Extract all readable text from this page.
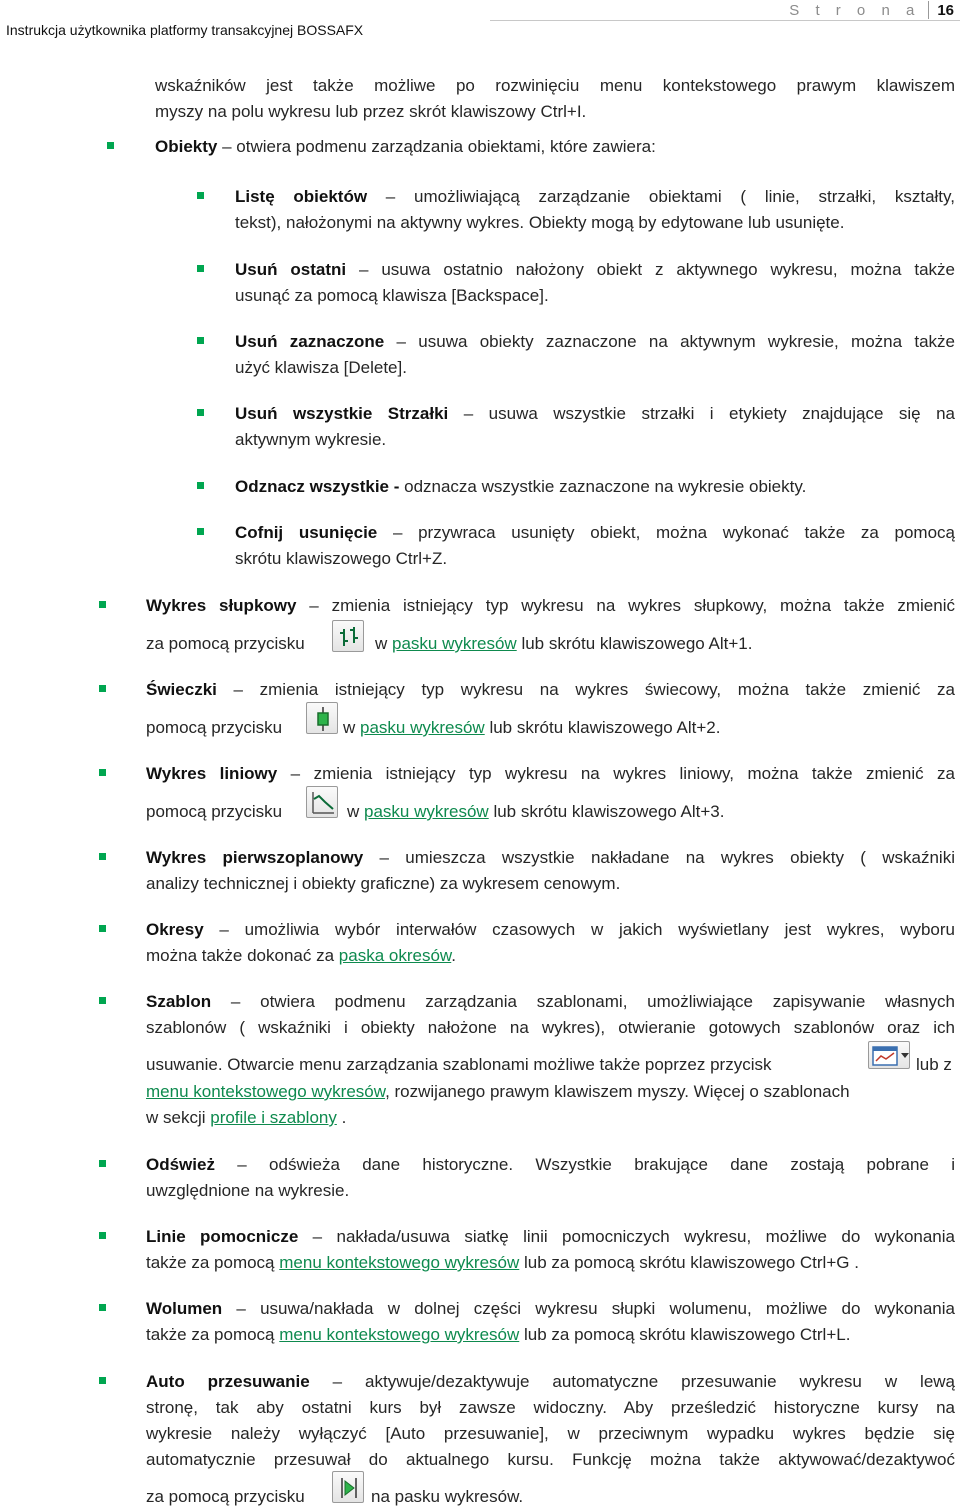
Instrukcja użytkownika platformy transakcyjnej BOSSAFX
S t r o n a 16
wskaźników jest także możliwe po rozwinięciu menu kontekstowego prawym klawiszem
myszy na polu wykresu lub przez skrót klawiszowy Ctrl+I.
Obiekty – otwiera podmenu zarządzania obiektami, które zawiera:
Listę obiektów – umożliwiającą zarządzanie obiektami ( linie, strzałki, kształty,
tekst), nałożonymi na aktywny wykres. Obiekty mogą by edytowane lub usunięte.
Usuń ostatni – usuwa ostatnio nałożony obiekt z aktywnego wykresu, można także
usunąć za pomocą klawisza [Backspace].
Usuń zaznaczone – usuwa obiekty zaznaczone na aktywnym wykresie, można także
użyć klawisza [Delete].
Usuń wszystkie Strzałki – usuwa wszystkie strzałki i etykiety znajdujące się na
aktywnym wykresie.
Odznacz wszystkie - odznacza wszystkie zaznaczone na wykresie obiekty.
Cofnij usunięcie – przywraca usunięty obiekt, można wykonać także za pomocą
skrótu klawiszowego Ctrl+Z.
Wykres słupkowy – zmienia istniejący typ wykresu na wykres słupkowy, można także zmienić
za pomocą przycisku	w pasku wykresów lub skrótu klawiszowego Alt+1.
Świeczki – zmienia istniejący typ wykresu na wykres świecowy, można także zmienić za
pomocą przycisku	w pasku wykresów lub skrótu klawiszowego Alt+2.
Wykres liniowy – zmienia istniejący typ wykresu na wykres liniowy, można także zmienić za
pomocą przycisku	w pasku wykresów lub skrótu klawiszowego Alt+3.
Wykres pierwszoplanowy – umieszcza wszystkie nakładane na wykres obiekty ( wskaźniki
analizy technicznej i obiekty graficzne) za wykresem cenowym.
Okresy – umożliwia wybór interwałów czasowych w jakich wyświetlany jest wykres, wyboru
można także dokonać za paska okresów.
Szablon – otwiera podmenu zarządzania szablonami, umożliwiające zapisywanie własnych
szablonów ( wskaźniki i obiekty nałożone na wykres), otwieranie gotowych szablonów oraz ich
usuwanie. Otwarcie menu zarządzania szablonami możliwe także poprzez przycisk	lub z
menu kontekstowego wykresów, rozwijanego prawym klawiszem myszy. Więcej o szablonach
w sekcji profile i szablony .
Odśwież – odświeża dane historyczne. Wszystkie brakujące dane zostają pobrane i
uwzględnione na wykresie.
Linie pomocnicze – nakłada/usuwa siatkę linii pomocniczych wykresu, możliwe do wykonania
także za pomocą menu kontekstowego wykresów lub za pomocą skrótu klawiszowego Ctrl+G .
Wolumen – usuwa/nakłada w dolnej części wykresu słupki wolumenu, możliwe do wykonania
także za pomocą menu kontekstowego wykresów lub za pomocą skrótu klawiszowego Ctrl+L.
Auto przesuwanie – aktywuje/dezaktywuje automatyczne przesuwanie wykresu w lewą
stronę, tak aby ostatni kurs był zawsze widoczny. Aby prześledzić historyczne kursy na
wykresie należy wyłączyć [Auto przesuwanie], w przeciwnym wypadku wykres będzie się
automatycznie przesuwał do aktualnego kursu. Funkcję można także aktywować/dezaktywoć
za pomocą przycisku	na pasku wykresów.
